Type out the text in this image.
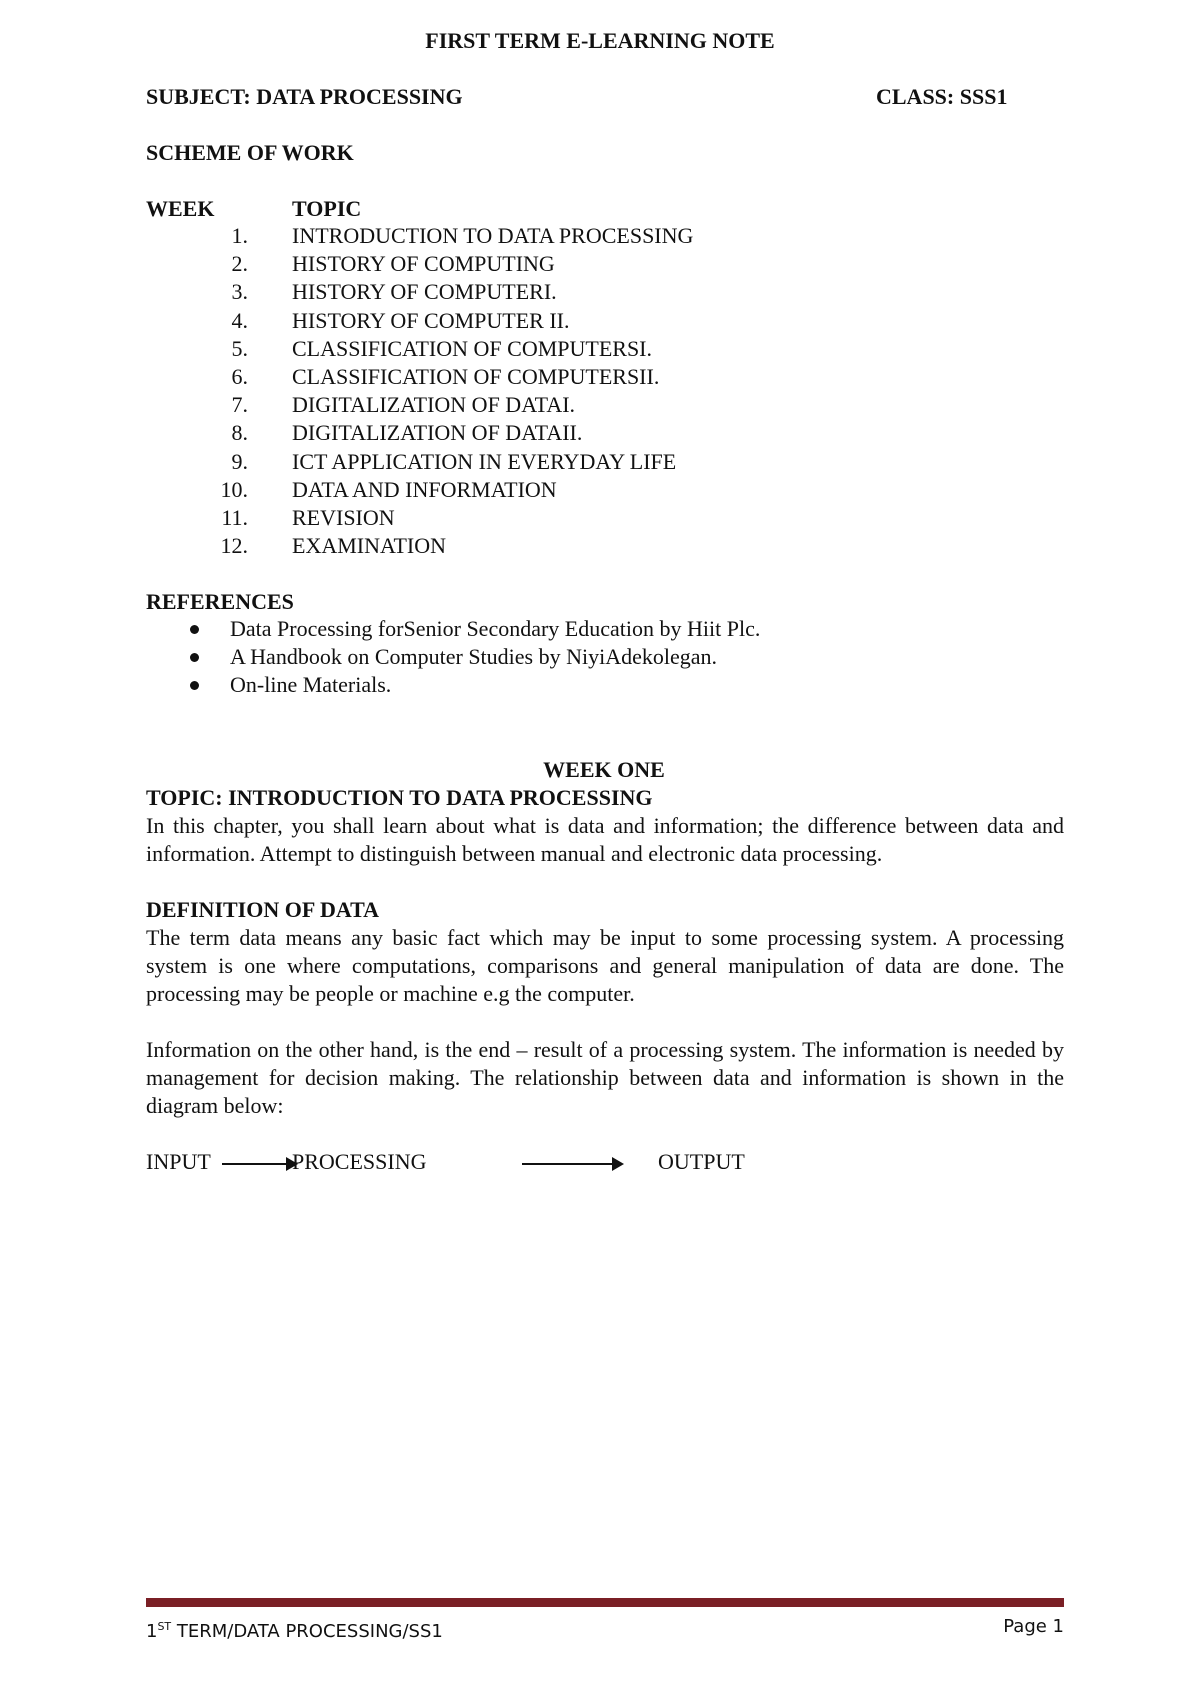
FIRST TERM E-LEARNING NOTE
SUBJECT: DATA PROCESSING	CLASS: SSS1
SCHEME OF WORK
WEEK	TOPIC
1. INTRODUCTION TO DATA PROCESSING
2. HISTORY OF COMPUTING
3. HISTORY OF COMPUTERI.
4. HISTORY OF COMPUTER II.
5. CLASSIFICATION OF COMPUTERSI.
6. CLASSIFICATION OF COMPUTERSII.
7. DIGITALIZATION OF DATAI.
8. DIGITALIZATION OF DATAII.
9. ICT APPLICATION IN EVERYDAY LIFE
10. DATA AND INFORMATION
11. REVISION
12. EXAMINATION
REFERENCES
Data Processing forSenior Secondary Education by Hiit Plc.
A Handbook on Computer Studies by NiyiAdekolegan.
On-line Materials.
WEEK ONE
TOPIC: INTRODUCTION TO DATA PROCESSING

In this chapter, you shall learn about what is data and information; the difference between data and information. Attempt to distinguish between manual and electronic data processing.

DEFINITION OF DATA

The term data means any basic fact which may be input to some processing system. A processing system is one where computations, comparisons and general manipulation of data are done. The processing may be people or machine e.g the computer.

Information on the other hand, is the end – result of a processing system. The information is needed by management for decision making. The relationship between data and information is shown in the diagram below:

INPUT	PROCESSING	OUTPUT
1ST TERM/DATA PROCESSING/SS1	Page 1
